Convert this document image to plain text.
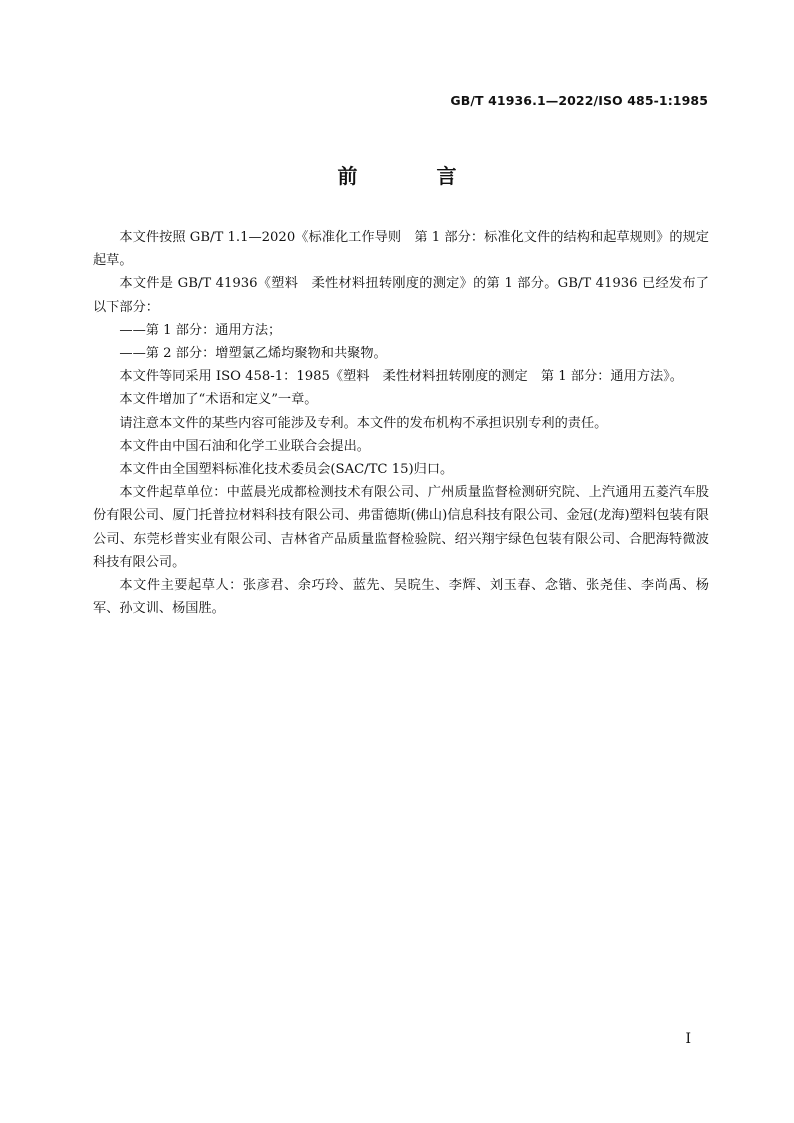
GB/T 41936.1—2022/ISO 485-1:1985
前 言

本文件按照 GB/T 1.1—2020《标准化工作导则　第 1 部分：标准化文件的结构和起草规则》的规定起草。

本文件是 GB/T 41936《塑料　柔性材料扭转刚度的测定》的第 1 部分。GB/T 41936 已经发布了以下部分：

——第 1 部分：通用方法；

——第 2 部分：增塑氯乙烯均聚物和共聚物。

本文件等同采用 ISO 458-1：1985《塑料　柔性材料扭转刚度的测定　第 1 部分：通用方法》。

本文件增加了“术语和定义”一章。

请注意本文件的某些内容可能涉及专利。本文件的发布机构不承担识别专利的责任。

本文件由中国石油和化学工业联合会提出。

本文件由全国塑料标准化技术委员会(SAC/TC 15)归口。

本文件起草单位：中蓝晨光成都检测技术有限公司、广州质量监督检测研究院、上汽通用五菱汽车股份有限公司、厦门托普拉材料科技有限公司、弗雷德斯(佛山)信息科技有限公司、金冠(龙海)塑料包装有限公司、东莞杉普实业有限公司、吉林省产品质量监督检验院、绍兴翔宇绿色包装有限公司、合肥海特微波科技有限公司。

本文件主要起草人：张彦君、余巧玲、蓝先、吴晥生、李辉、刘玉春、念锴、张尧佳、李尚禹、杨军、孙文训、杨国胜。

I
